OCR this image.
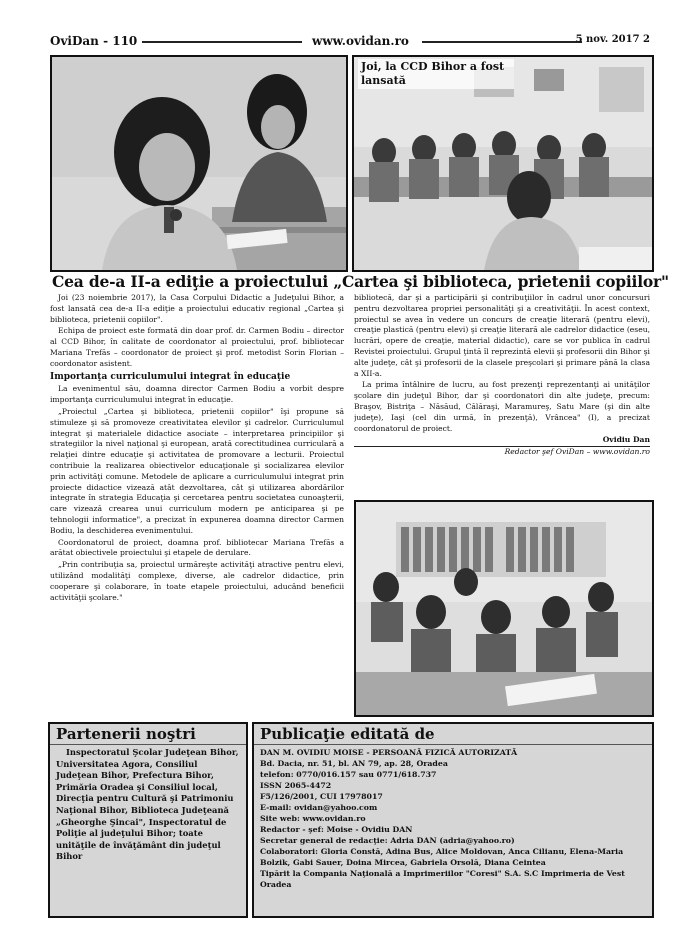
OviDan - 110	www.ovidan.ro	5 nov. 2017 2
Joi, la CCD Bihor a fost lansată
Cea de-a II-a ediţie a proiectului „Cartea şi biblioteca, prietenii copiilor"

Joi (23 noiembrie 2017), la Casa Corpului Didactic a Judeţului Bihor, a fost lansată cea de-a II-a ediţie a proiectului educativ regional „Cartea şi biblioteca, prietenii copiilor".

Echipa de proiect este formată din doar prof. dr. Carmen Bodiu – director al CCD Bihor, în calitate de coordonator al proiectului, prof. bibliotecar Mariana Trefăs – coordonator de proiect şi prof. metodist Sorin Florian – coordonator asistent.

Importanţa curriculumului integrat în educaţie

La evenimentul său, doamna director Carmen Bodiu a vorbit despre importanţa curriculumului integrat în educaţie.

„Proiectul „Cartea şi biblioteca, prietenii copiilor" îşi propune să stimuleze şi să promoveze creativitatea elevilor şi cadrelor. Curriculumul integrat şi materialele didactice asociate – interpretarea principiilor şi strategiilor la nivel naţional şi european, arată corectitudinea curriculară a relaţiei dintre educaţie şi activitatea de promovare a lecturii. Proiectul contribuie la realizarea obiectivelor educaţionale şi socializarea elevilor prin activităţi comune. Metodele de aplicare a curriculumului integrat prin proiecte didactice vizează atât dezvoltarea, cât şi utilizarea abordărilor integrate în strategia Educaţia şi cercetarea pentru societatea cunoaşterii, care vizează crearea unui curriculum modern pe anticiparea şi pe tehnologii informatice", a precizat în expunerea doamna director Carmen Bodiu, la deschiderea evenimentului.

Coordonatorul de proiect, doamna prof. bibliotecar Mariana Trefăs a arătat obiectivele proiectului şi etapele de derulare.

„Prin contribuţia sa, proiectul urmăreşte activităţi atractive pentru elevi, utilizând modalităţi complexe, diverse, ale cadrelor didactice, prin cooperare şi colaborare, în toate etapele proiectului, aducând beneficii activităţii şcolare."

bibliotecă, dar şi a participării şi contribuţiilor în cadrul unor concursuri pentru dezvoltarea propriei personalităţi şi a creativităţii. În acest context, proiectul se avea în vedere un concurs de creaţie literară (pentru elevi), creaţie plastică (pentru elevi) şi creaţie literară ale cadrelor didactice (eseu, lucrări, opere de creaţie, material didactic), care se vor publica în cadrul Revistei proiectului. Grupul ţintă îl reprezintă elevii şi profesorii din Bihor şi alte judeţe, cât şi profesorii de la clasele preşcolari şi primare până la clasa a XII-a.

La prima întâlnire de lucru, au fost prezenţi reprezentanţi ai unităţilor şcolare din judeţul Bihor, dar şi coordonatori din alte judeţe, precum: Braşov, Bistriţa – Năsăud, Călăraşi, Maramureş, Satu Mare (şi din alte judeţe), Iaşi (cel din urmă, în prezenţă), Vrâncea" (I), a precizat coordonatorul de proiect.

Ovidiu Dan
Redactor şef OviDan – www.ovidan.ro
Partenerii noştri
Inspectoratul Şcolar Judeţean Bihor, Universitatea Agora, Consiliul Judeţean Bihor, Prefectura Bihor, Primăria Oradea şi Consiliul local, Direcţia pentru Cultură şi Patrimoniu Naţional Bihor, Biblioteca Judeţeană „Gheorghe Şincai", Inspectoratul de Poliţie al judeţului Bihor; toate unităţile de învăţământ din judeţul Bihor
Publicaţie editată de
DAN M. OVIDIU MOISE - PERSOANĂ FIZICĂ AUTORIZATĂ
Bd. Dacia, nr. 51, bl. AN 79, ap. 28, Oradea
telefon: 0770/016.157 sau 0771/618.737
ISSN 2065-4472
F5/126/2001, CUI 17978017
E-mail: ovidan@yahoo.com
Site web: www.ovidan.ro
Redactor - şef: Moise - Ovidiu DAN
Secretar general de redacţie: Adria DAN (adria@yahoo.ro)
Colaboratori: Gloria Constă, Adina Bus, Alice Moldovan, Anca Cilianu, Elena-Maria Bolzik, Gabi Sauer, Doina Mircea, Gabriela Orsolă, Diana Ceintea
Tipărit la Compania Naţională a Imprimeriilor "Coresi" S.A. S.C Imprimeria de Vest Oradea
